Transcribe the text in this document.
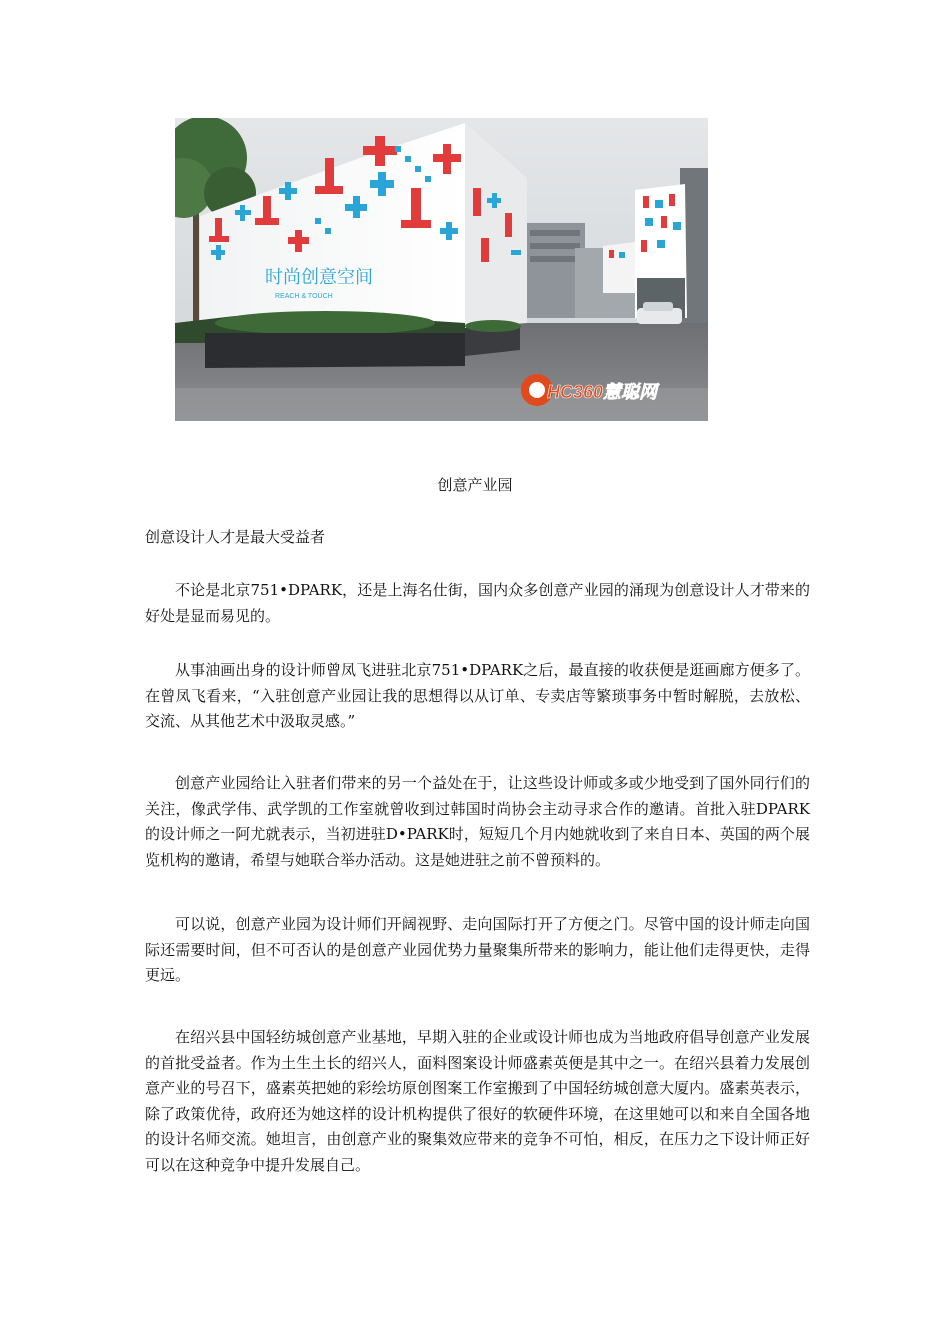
时尚创意空间
REACH & TOUCH
HC360慧聪网
创意产业园
创意设计人才是最大受益者

不论是北京751•DPARK，还是上海名仕街，国内众多创意产业园的涌现为创意设计人才带来的好处是显而易见的。

从事油画出身的设计师曾凤飞进驻北京751•DPARK之后，最直接的收获便是逛画廊方便多了。在曾凤飞看来，“入驻创意产业园让我的思想得以从订单、专卖店等繁琐事务中暂时解脱，去放松、交流、从其他艺术中汲取灵感。”

创意产业园给让入驻者们带来的另一个益处在于，让这些设计师或多或少地受到了国外同行们的关注，像武学伟、武学凯的工作室就曾收到过韩国时尚协会主动寻求合作的邀请。首批入驻DPARK的设计师之一阿尤就表示，当初进驻D•PARK时，短短几个月内她就收到了来自日本、英国的两个展览机构的邀请，希望与她联合举办活动。这是她进驻之前不曾预料的。

可以说，创意产业园为设计师们开阔视野、走向国际打开了方便之门。尽管中国的设计师走向国际还需要时间，但不可否认的是创意产业园优势力量聚集所带来的影响力，能让他们走得更快，走得更远。

在绍兴县中国轻纺城创意产业基地，早期入驻的企业或设计师也成为当地政府倡导创意产业发展的首批受益者。作为土生土长的绍兴人，面料图案设计师盛素英便是其中之一。在绍兴县着力发展创意产业的号召下，盛素英把她的彩绘坊原创图案工作室搬到了中国轻纺城创意大厦内。盛素英表示，除了政策优待，政府还为她这样的设计机构提供了很好的软硬件环境，在这里她可以和来自全国各地的设计名师交流。她坦言，由创意产业的聚集效应带来的竞争不可怕，相反，在压力之下设计师正好可以在这种竞争中提升发展自己。
